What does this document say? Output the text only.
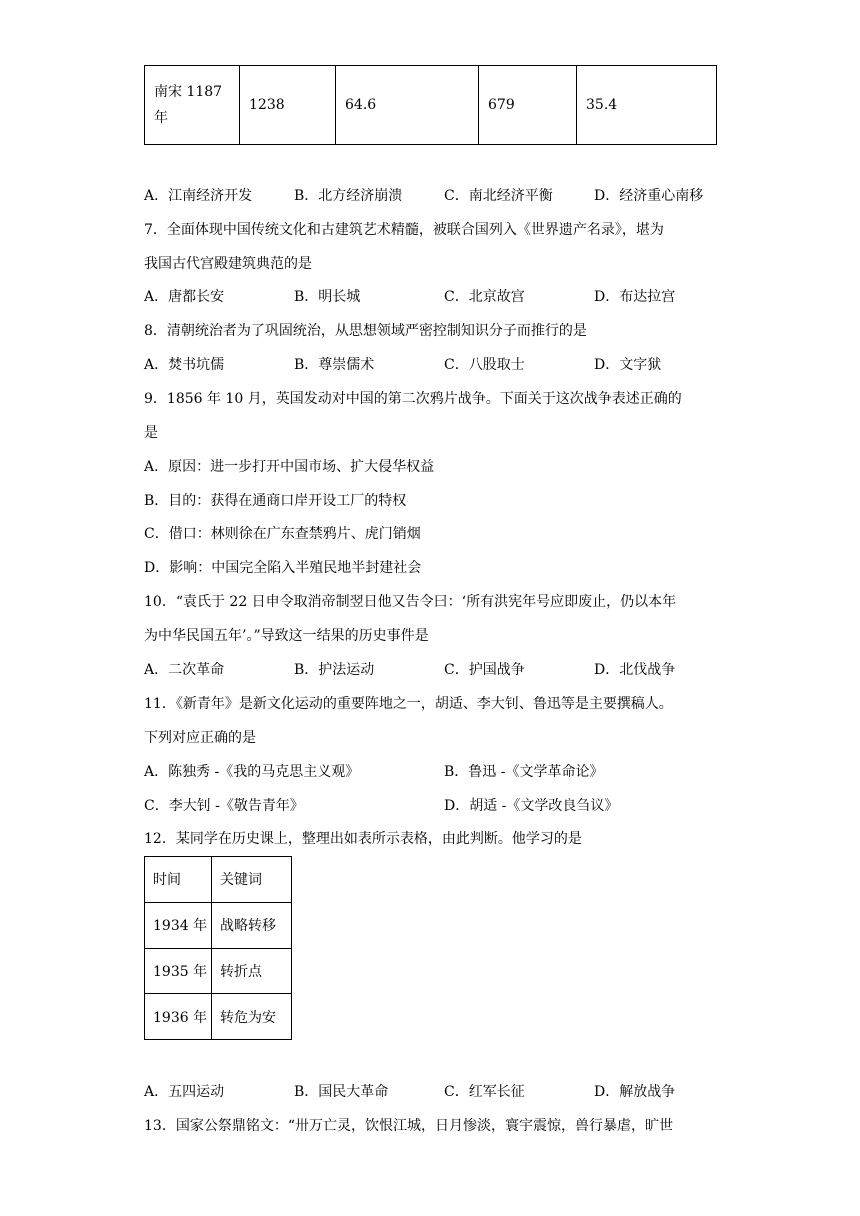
南宋 1187 年	1238	64.6	679	35.4
A．江南经济开发	B．北方经济崩溃	C．南北经济平衡	D．经济重心南移
7．全面体现中国传统文化和古建筑艺术精髓，被联合国列入《世界遗产名录》，堪为
我国古代宫殿建筑典范的是
A．唐都长安	B．明长城	C．北京故宫	D．布达拉宫
8．清朝统治者为了巩固统治，从思想领域严密控制知识分子而推行的是
A．焚书坑儒	B．尊崇儒术	C．八股取士	D．文字狱
9．1856 年 10 月，英国发动对中国的第二次鸦片战争。下面关于这次战争表述正确的
是
A．原因：进一步打开中国市场、扩大侵华权益
B．目的：获得在通商口岸开设工厂的特权
C．借口：林则徐在广东查禁鸦片、虎门销烟
D．影响：中国完全陷入半殖民地半封建社会
10．“袁氏于 22 日申令取消帝制翌日他又告令曰：‘所有洪宪年号应即废止，仍以本年
为中华民国五年’。”导致这一结果的历史事件是
A．二次革命	B．护法运动	C．护国战争	D．北伐战争
11．《新青年》是新文化运动的重要阵地之一，胡适、李大钊、鲁迅等是主要撰稿人。
下列对应正确的是
A．陈独秀 -《我的马克思主义观》	B．鲁迅 -《文学革命论》
C．李大钊 -《敬告青年》	D．胡适 -《文学改良刍议》
12．某同学在历史课上，整理出如表所示表格，由此判断。他学习的是
时间	关键词
1934 年	战略转移
1935 年	转折点
1936 年	转危为安
A．五四运动	B．国民大革命	C．红军长征	D．解放战争
13．国家公祭鼎铭文：“卅万亡灵，饮恨江城，日月惨淡，寰宇震惊，兽行暴虐，旷世
